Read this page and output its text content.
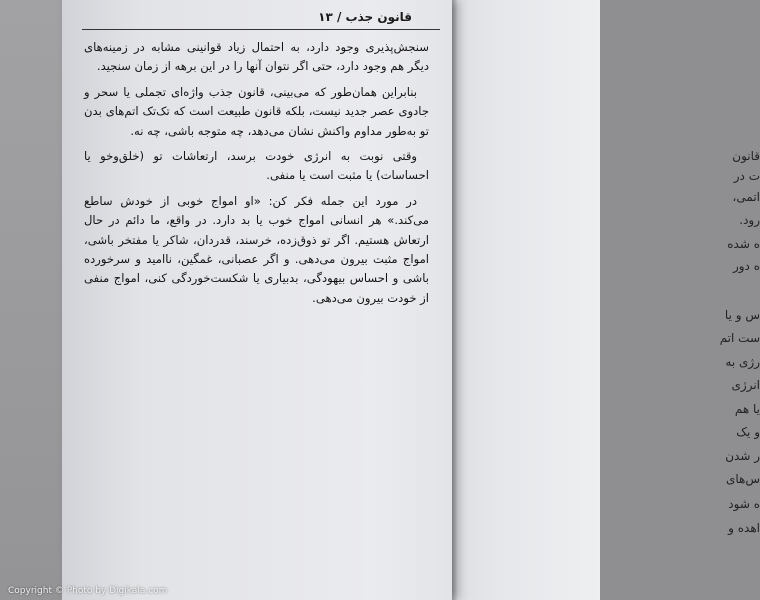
قانون
ت در
اتمی،
رود.
ه شده
ه دور
س و یا
ست اتم
رژی به
انرژی
یا هم
و یک
ر شدن
س‌های
ه شود
اهده و
قانون جذب / ۱۳

سنجش‌پذیری وجود دارد، به احتمال زیاد قوانینی مشابه در زمینه‌های دیگر هم وجود دارد، حتی اگر نتوان آنها را در این برهه از زمان سنجید.

بنابراین همان‌طور که می‌بینی، قانون جذب واژه‌ای تجملی یا سحر و جادوی عصر جدید نیست، بلکه قانون طبیعت است که تک‌تک اتم‌های بدن تو به‌طور مداوم واکنش نشان می‌دهد، چه متوجه باشی، چه نه.

وقتی نوبت به انرژی خودت برسد، ارتعاشات تو (خلق‌وخو یا احساسات) یا مثبت است یا منفی.

در مورد این جمله فکر کن: «او امواج خوبی از خودش ساطع می‌کند.» هر انسانی امواج خوب یا بد دارد. در واقع، ما دائم در حال ارتعاش هستیم. اگر تو ذوق‌زده، خرسند، قدردان، شاکر یا مفتخر باشی، امواج مثبت بیرون می‌دهی. و اگر عصبانی، غمگین، ناامید و سرخورده باشی و احساس بیهودگی، بدبیاری یا شکست‌خوردگی کنی، امواج منفی از خودت بیرون می‌دهی.

Copyright © Photo by Digikala.com
